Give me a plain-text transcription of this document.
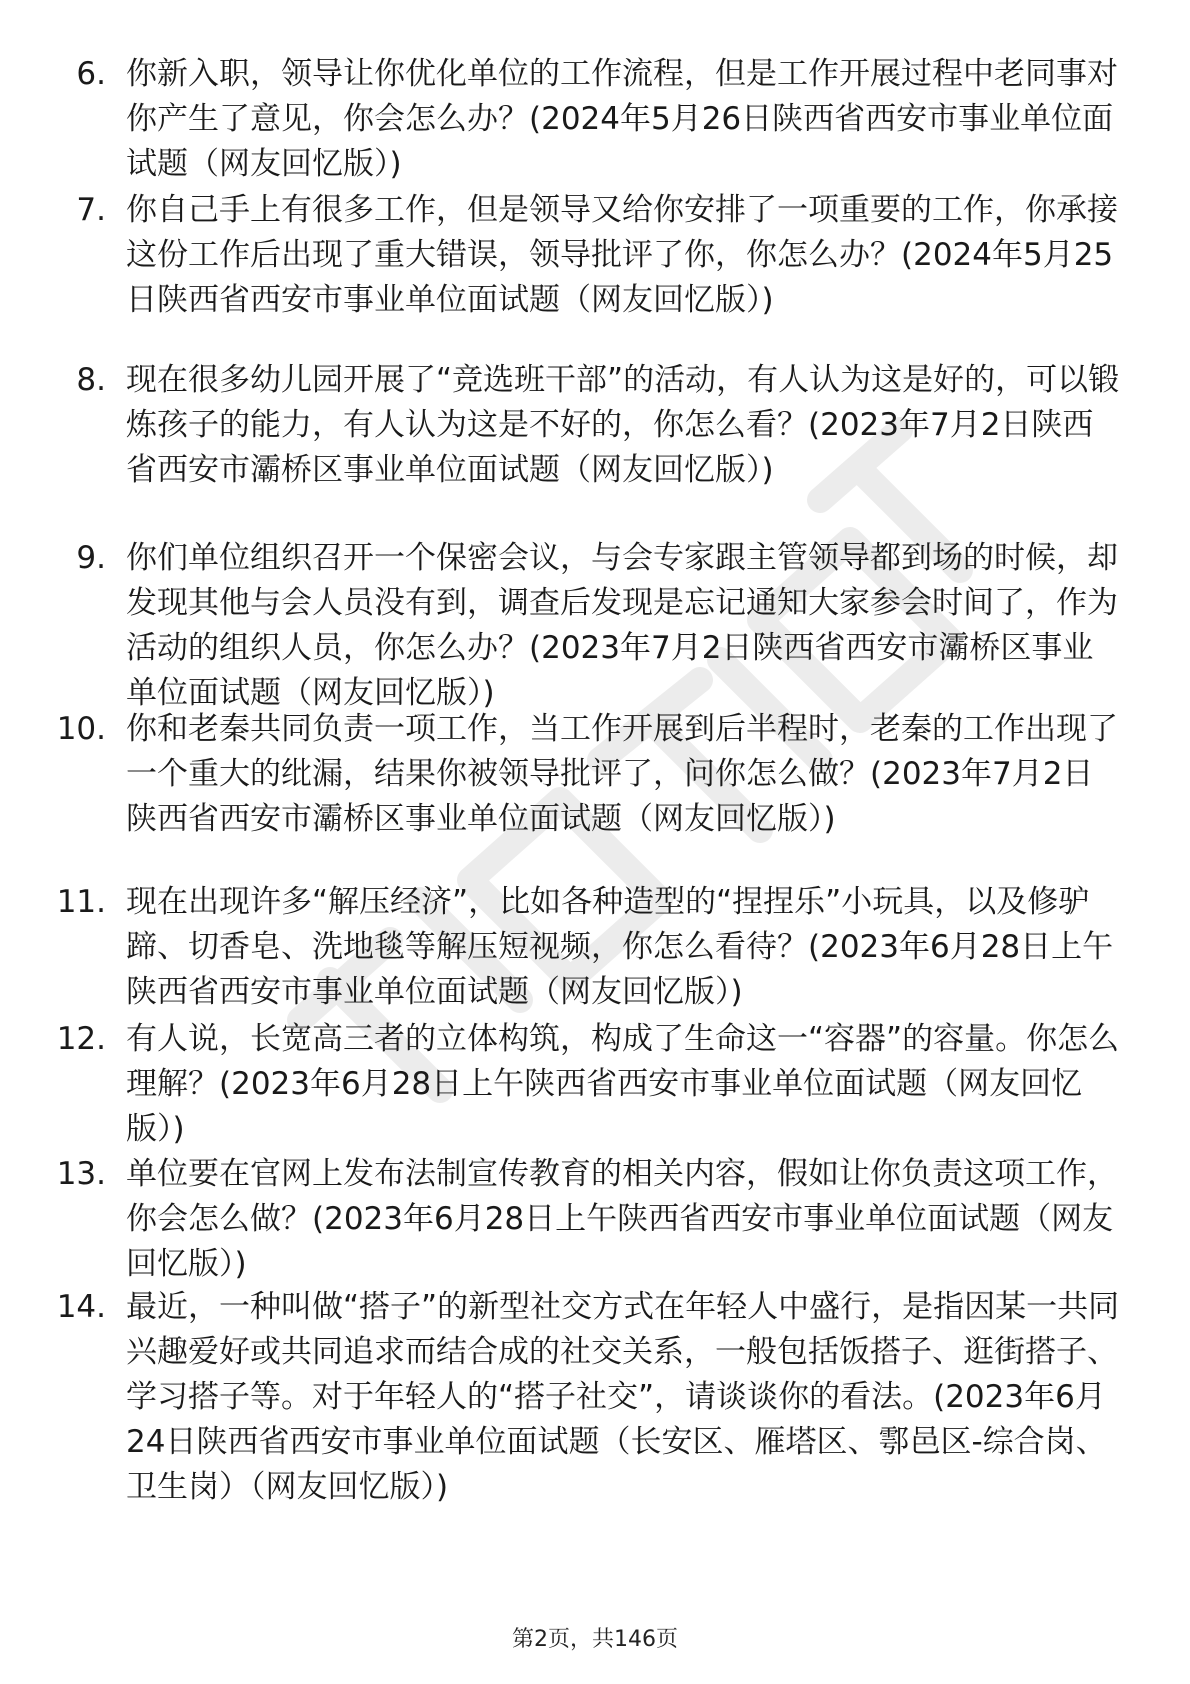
6. 你新入职，领导让你优化单位的工作流程，但是工作开展过程中老同事对你产生了意见，你会怎么办？(2024年5月26日陕西省西安市事业单位面试题（网友回忆版）)
7. 你自己手上有很多工作，但是领导又给你安排了一项重要的工作，你承接这份工作后出现了重大错误，领导批评了你，你怎么办？(2024年5月25日陕西省西安市事业单位面试题（网友回忆版）)
8. 现在很多幼儿园开展了“竞选班干部”的活动，有人认为这是好的，可以锻炼孩子的能力，有人认为这是不好的，你怎么看？(2023年7月2日陕西省西安市灞桥区事业单位面试题（网友回忆版）)
9. 你们单位组织召开一个保密会议，与会专家跟主管领导都到场的时候，却发现其他与会人员没有到，调查后发现是忘记通知大家参会时间了，作为活动的组织人员，你怎么办？(2023年7月2日陕西省西安市灞桥区事业单位面试题（网友回忆版）)
10. 你和老秦共同负责一项工作，当工作开展到后半程时，老秦的工作出现了一个重大的纰漏，结果你被领导批评了，问你怎么做？(2023年7月2日陕西省西安市灞桥区事业单位面试题（网友回忆版）)
11. 现在出现许多“解压经济”，比如各种造型的“捏捏乐”小玩具，以及修驴蹄、切香皂、洗地毯等解压短视频，你怎么看待？(2023年6月28日上午陕西省西安市事业单位面试题（网友回忆版）)
12. 有人说，长宽高三者的立体构筑，构成了生命这一“容器”的容量。你怎么理解？(2023年6月28日上午陕西省西安市事业单位面试题（网友回忆版）)
13. 单位要在官网上发布法制宣传教育的相关内容，假如让你负责这项工作，你会怎么做？(2023年6月28日上午陕西省西安市事业单位面试题（网友回忆版）)
14. 最近，一种叫做“搭子”的新型社交方式在年轻人中盛行，是指因某一共同兴趣爱好或共同追求而结合成的社交关系，一般包括饭搭子、逛街搭子、学习搭子等。对于年轻人的“搭子社交”，请谈谈你的看法。(2023年6月24日陕西省西安市事业单位面试题（长安区、雁塔区、鄠邑区-综合岗、卫生岗）（网友回忆版）)
第2页，共146页
